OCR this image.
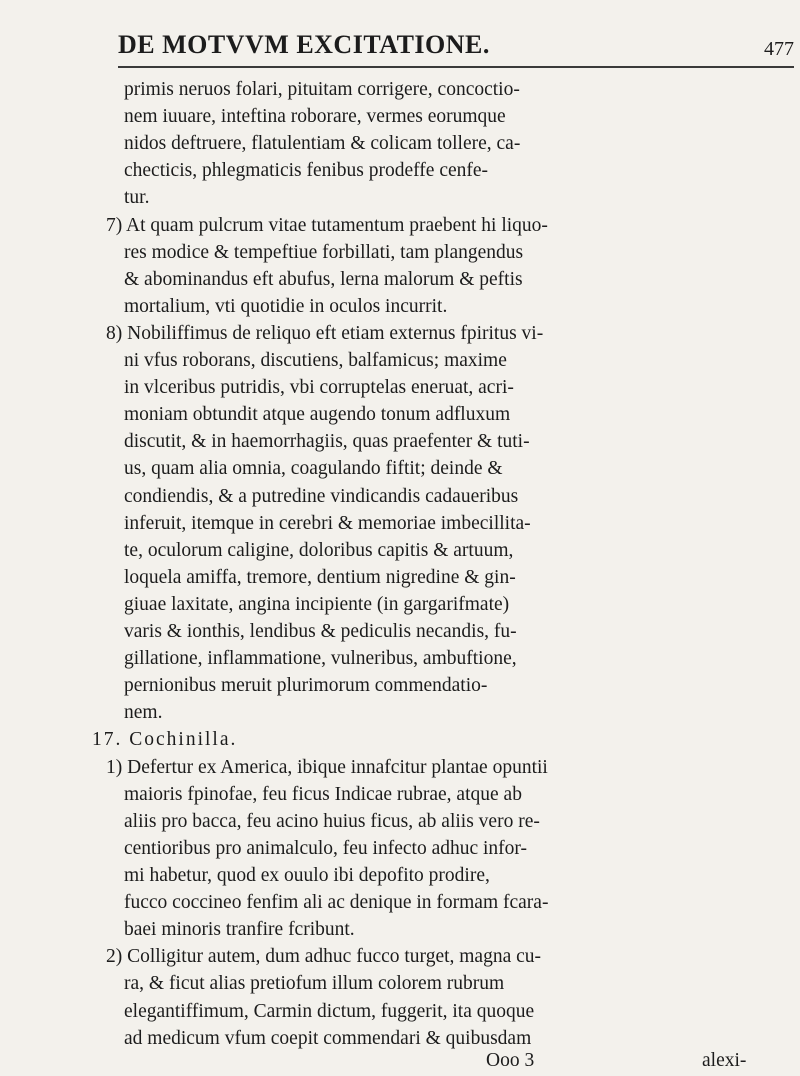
DE MOTVVM EXCITATIONE.	477
primis neruos folari, pituitam corrigere, concoctio-
nem iuuare, inteftina roborare, vermes eorumque
nidos deftruere, flatulentiam & colicam tollere, ca-
checticis, phlegmaticis fenibus prodeffe cenfe-
tur.
7) At quam pulcrum vitae tutamentum praebent hi liquo-
res modice & tempeftiue forbillati, tam plangendus
& abominandus eft abufus, lerna malorum & peftis
mortalium, vti quotidie in oculos incurrit.
8) Nobiliffimus de reliquo eft etiam externus fpiritus vi-
ni vfus roborans, discutiens, balfamicus; maxime
in vlceribus putridis, vbi corruptelas eneruat, acri-
moniam obtundit atque augendo tonum adfluxum
discutit, & in haemorrhagiis, quas praefenter & tuti-
us, quam alia omnia, coagulando fiftit; deinde &
condiendis, & a putredine vindicandis cadaueribus
inferuit, itemque in cerebri & memoriae imbecillita-
te, oculorum caligine, doloribus capitis & artuum,
loquela amiffa, tremore, dentium nigredine & gin-
giuae laxitate, angina incipiente (in gargarifmate)
varis & ionthis, lendibus & pediculis necandis, fu-
gillatione, inflammatione, vulneribus, ambuftione,
pernionibus meruit plurimorum commendatio-
nem.
17. Cochinilla.
1) Defertur ex America, ibique innafcitur plantae opuntii
maioris fpinofae, feu ficus Indicae rubrae, atque ab
aliis pro bacca, feu acino huius ficus, ab aliis vero re-
centioribus pro animalculo, feu infecto adhuc infor-
mi habetur, quod ex ouulo ibi depofito prodire,
fucco coccineo fenfim ali ac denique in formam fcara-
baei minoris tranfire fcribunt.
2) Colligitur autem, dum adhuc fucco turget, magna cu-
ra, & ficut alias pretiofum illum colorem rubrum
elegantiffimum, Carmin dictum, fuggerit, ita quoque
ad medicum vfum coepit commendari & quibusdam
Ooo 3	alexi-
